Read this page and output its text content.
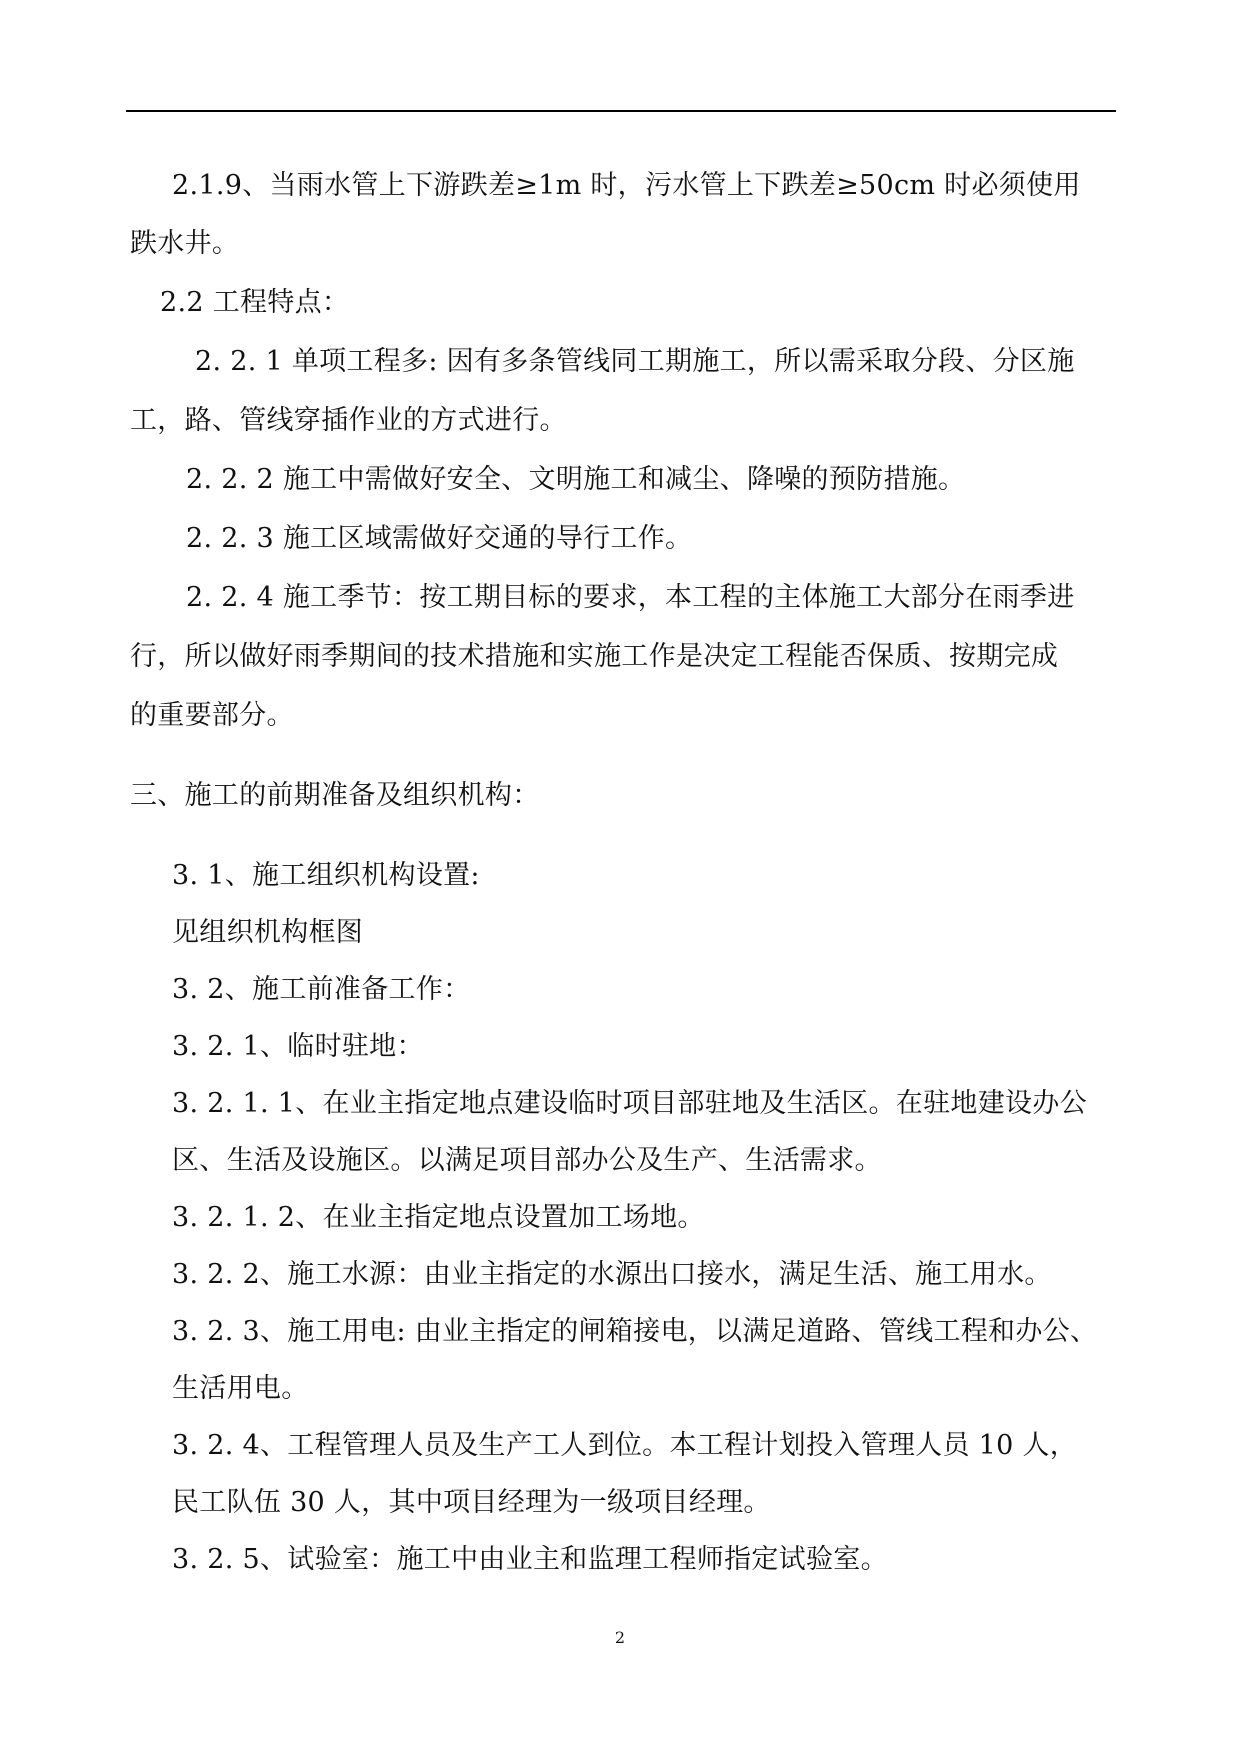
2.1.9、当雨水管上下游跌差≥1m 时，污水管上下跌差≥50cm 时必须使用
跌水井。
2.2 工程特点：
2. 2. 1 单项工程多: 因有多条管线同工期施工，所以需采取分段、分区施
工，路、管线穿插作业的方式进行。
2. 2. 2 施工中需做好安全、文明施工和减尘、降噪的预防措施。
2. 2. 3 施工区域需做好交通的导行工作。
2. 2. 4 施工季节：按工期目标的要求，本工程的主体施工大部分在雨季进
行，所以做好雨季期间的技术措施和实施工作是决定工程能否保质、按期完成
的重要部分。
三、施工的前期准备及组织机构：
3. 1、施工组织机构设置:
见组织机构框图
3. 2、施工前准备工作：
3. 2. 1、临时驻地：
3. 2. 1. 1、在业主指定地点建设临时项目部驻地及生活区。在驻地建设办公
区、生活及设施区。以满足项目部办公及生产、生活需求。
3. 2. 1. 2、在业主指定地点设置加工场地。
3. 2. 2、施工水源：由业主指定的水源出口接水，满足生活、施工用水。
3. 2. 3、施工用电: 由业主指定的闸箱接电，以满足道路、管线工程和办公、
生活用电。
3. 2. 4、工程管理人员及生产工人到位。本工程计划投入管理人员 10 人，
民工队伍 30 人，其中项目经理为一级项目经理。
3. 2. 5、试验室：施工中由业主和监理工程师指定试验室。
2
